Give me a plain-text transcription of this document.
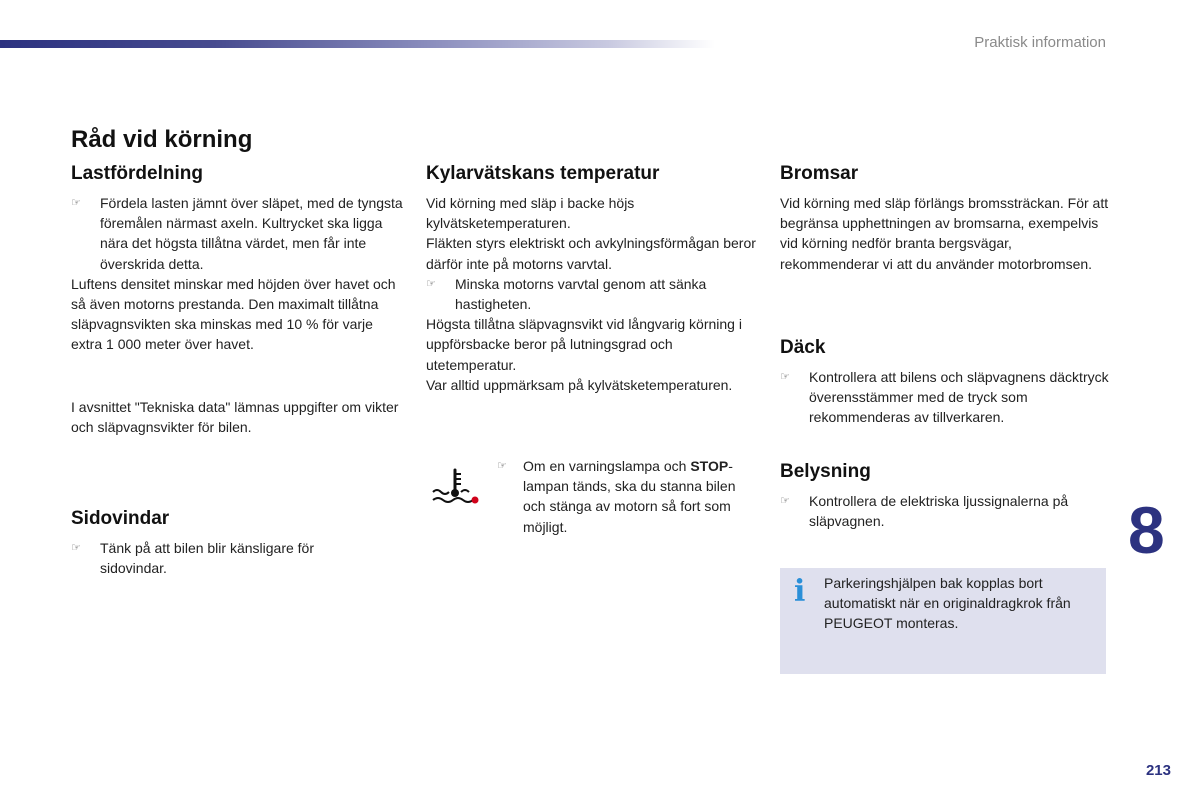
Praktisk information
Råd vid körning
Lastfördelning
☞	Fördela lasten jämnt över släpet, med de tyngsta föremålen närmast axeln. Kultrycket ska ligga nära det högsta tillåtna värdet, men får inte överskrida detta.

Luftens densitet minskar med höjden över havet och så även motorns prestanda. Den maximalt tillåtna släpvagnsvikten ska minskas med 10 % för varje extra 1 000 meter över havet.

I avsnittet "Tekniska data" lämnas uppgifter om vikter och släpvagnsvikter för bilen.

Sidovindar
☞	Tänk på att bilen blir känsligare för sidovindar.
Kylarvätskans temperatur

Vid körning med släp i backe höjs kylvätsketemperaturen.

Fläkten styrs elektriskt och avkylningsförmågan beror därför inte på motorns varvtal.

☞	Minska motorns varvtal genom att sänka hastigheten.

Högsta tillåtna släpvagnsvikt vid långvarig körning i uppförsbacke beror på lutningsgrad och utetemperatur.

Var alltid uppmärksam på kylvätsketemperaturen.

☞	Om en varningslampa och STOP-lampan tänds, ska du stanna bilen och stänga av motorn så fort som möjligt.
Bromsar

Vid körning med släp förlängs bromssträckan. För att begränsa upphettningen av bromsarna, exempelvis vid körning nedför branta bergsvägar, rekommenderar vi att du använder motorbromsen.

Däck
☞	Kontrollera att bilens och släpvagnens däcktryck överensstämmer med de tryck som rekommenderas av tillverkaren.
Belysning
☞	Kontrollera de elektriska ljussignalerna på släpvagnen.
i Parkeringshjälpen bak kopplas bort automatiskt när en originaldragkrok från PEUGEOT monteras.

8
213
